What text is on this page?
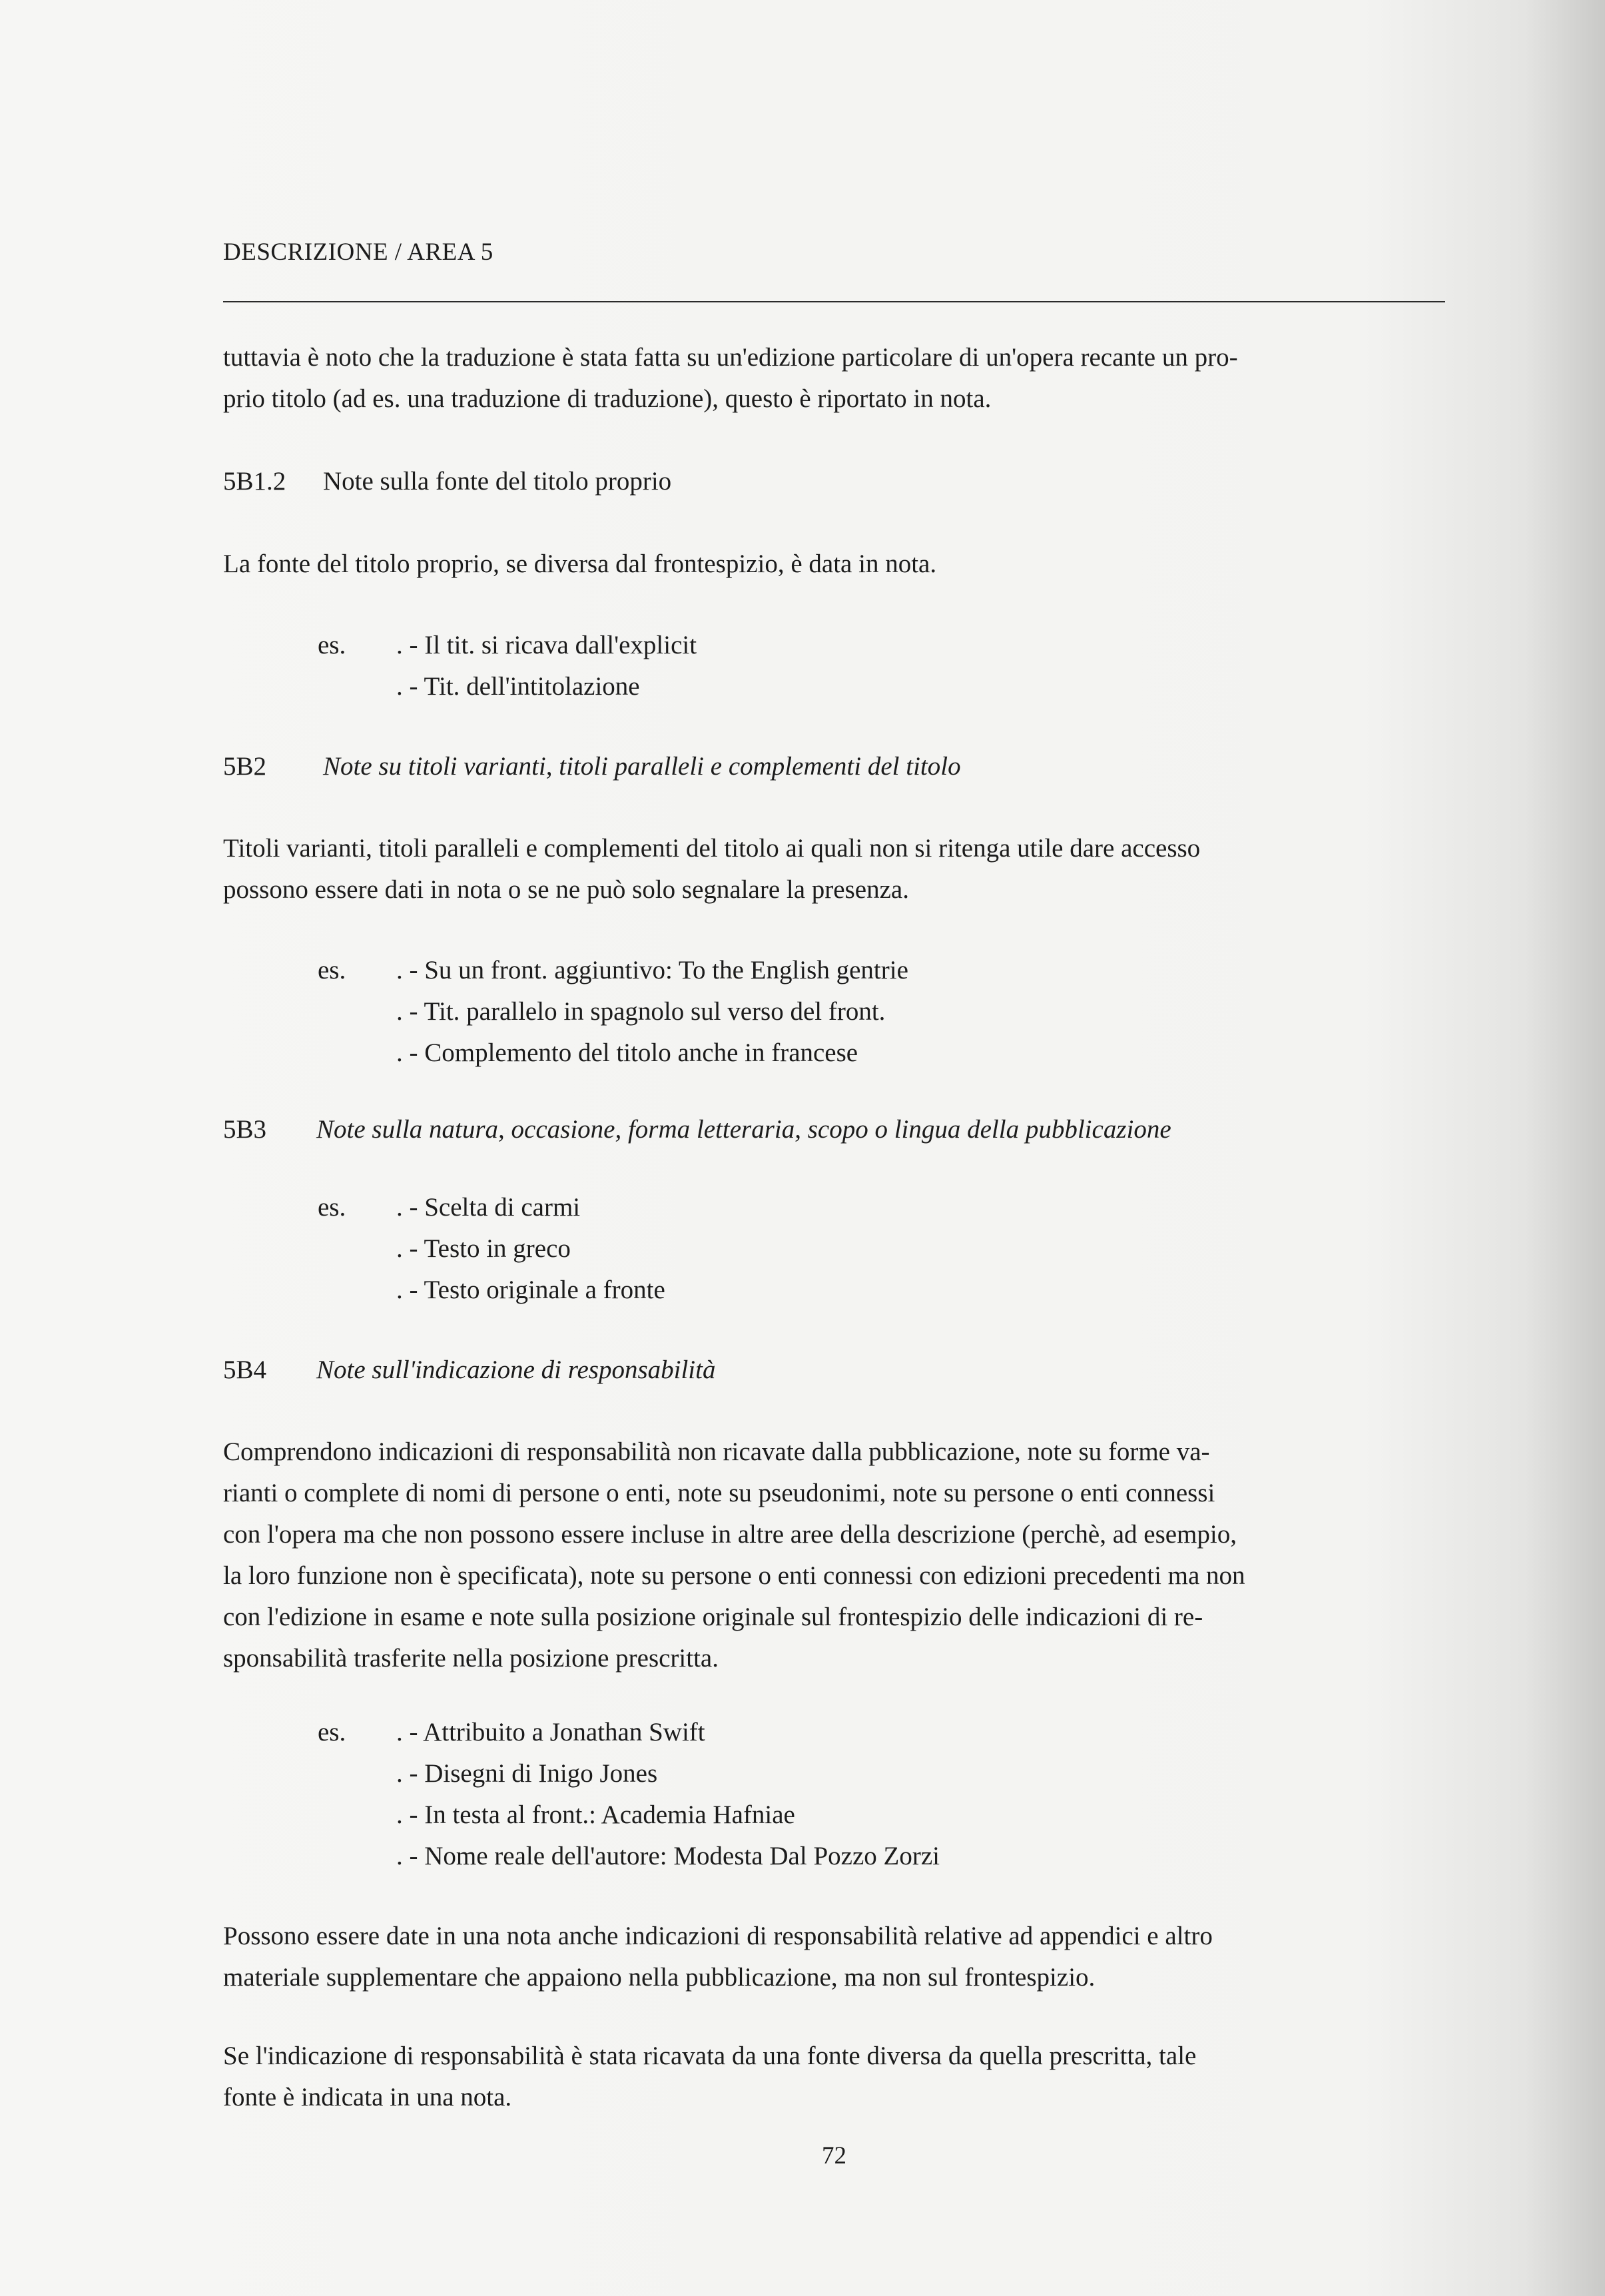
DESCRIZIONE / AREA 5
tuttavia è noto che la traduzione è stata fatta su un'edizione particolare di un'opera recante un pro-
prio titolo (ad es. una traduzione di traduzione), questo è riportato in nota.
5B1.2 Note sulla fonte del titolo proprio
La fonte del titolo proprio, se diversa dal frontespizio, è data in nota.
es. . - Il tit. si ricava dall'explicit
. - Tit. dell'intitolazione
5B2 Note su titoli varianti, titoli paralleli e complementi del titolo
Titoli varianti, titoli paralleli e complementi del titolo ai quali non si ritenga utile dare accesso
possono essere dati in nota o se ne può solo segnalare la presenza.
es. . - Su un front. aggiuntivo: To the English gentrie
. - Tit. parallelo in spagnolo sul verso del front.
. - Complemento del titolo anche in francese
5B3 Note sulla natura, occasione, forma letteraria, scopo o lingua della pubblicazione
es. . - Scelta di carmi
. - Testo in greco
. - Testo originale a fronte
5B4 Note sull'indicazione di responsabilità
Comprendono indicazioni di responsabilità non ricavate dalla pubblicazione, note su forme va-
rianti o complete di nomi di persone o enti, note su pseudonimi, note su persone o enti connessi
con l'opera ma che non possono essere incluse in altre aree della descrizione (perchè, ad esempio,
la loro funzione non è specificata), note su persone o enti connessi con edizioni precedenti ma non
con l'edizione in esame e note sulla posizione originale sul frontespizio delle indicazioni di re-
sponsabilità trasferite nella posizione prescritta.
es. . - Attribuito a Jonathan Swift
. - Disegni di Inigo Jones
. - In testa al front.: Academia Hafniae
. - Nome reale dell'autore: Modesta Dal Pozzo Zorzi
Possono essere date in una nota anche indicazioni di responsabilità relative ad appendici e altro
materiale supplementare che appaiono nella pubblicazione, ma non sul frontespizio.
Se l'indicazione di responsabilità è stata ricavata da una fonte diversa da quella prescritta, tale
fonte è indicata in una nota.
72
